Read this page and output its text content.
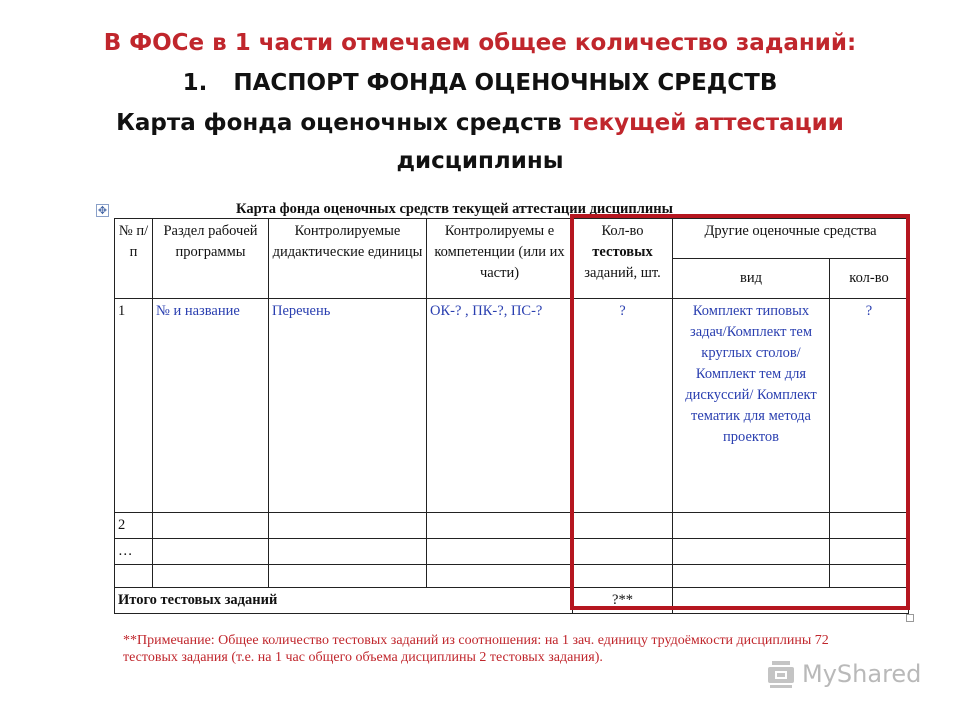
В ФОСе в 1 части отмечаем общее количество заданий:
1. ПАСПОРТ ФОНДА ОЦЕНОЧНЫХ СРЕДСТВ
Карта фонда оценочных средств текущей аттестации
дисциплины
✥	Карта фонда оценочных средств текущей аттестации дисциплины
№ п/ п	Раздел рабочей программы	Контролируемые дидактические единицы	Контролируемы е компетенции (или их части)	Кол-во
тестовых
заданий, шт.	Другие оценочные средства	
					вид	кол-во
1	№ и название	Перечень	ОК-? , ПК-?, ПС-?	?	Комплект типовых задач/Комплект тем круглых столов/ Комплект тем для дискуссий/ Комплект тематик для метода проектов	?
2						
…						

Итого тестовых заданий				?**		
**Примечание: Общее количество тестовых заданий из соотношения: на 1 зач. единицу трудоёмкости дисциплины 72
тестовых задания (т.е. на 1 час общего объема дисциплины 2 тестовых задания).
MyShared
